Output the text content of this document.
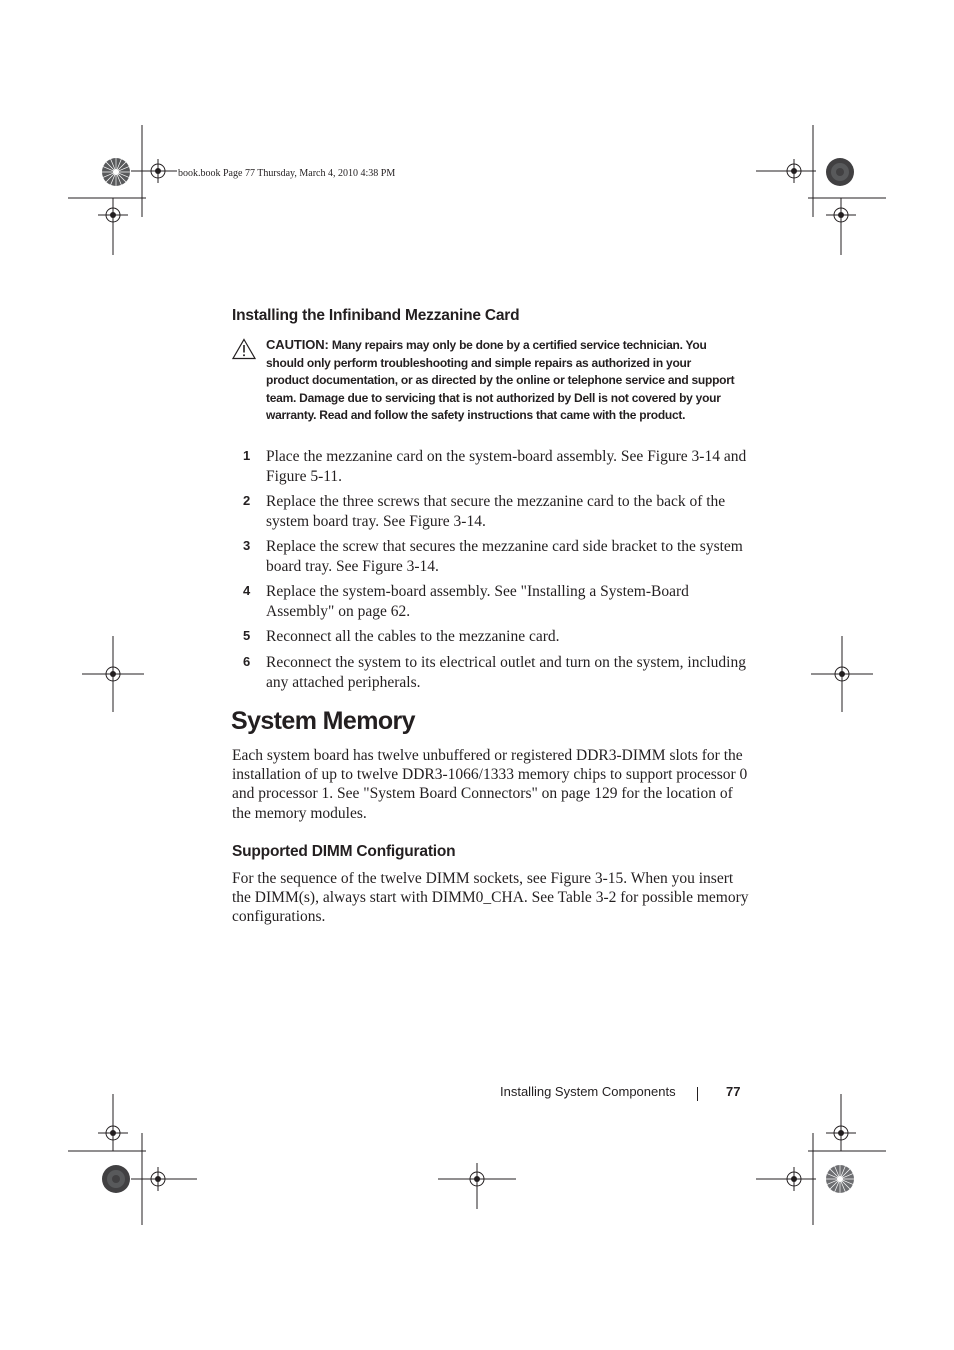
book.book Page 77 Thursday, March 4, 2010 4:38 PM
Installing the Infiniband Mezzanine Card
CAUTION: Many repairs may only be done by a certified service technician. You should only perform troubleshooting and simple repairs as authorized in your product documentation, or as directed by the online or telephone service and support team. Damage due to servicing that is not authorized by Dell is not covered by your warranty. Read and follow the safety instructions that came with the product.
1 Place the mezzanine card on the system-board assembly. See Figure 3-14 and Figure 5-11.
2 Replace the three screws that secure the mezzanine card to the back of the system board tray. See Figure 3-14.
3 Replace the screw that secures the mezzanine card side bracket to the system board tray. See Figure 3-14.
4 Replace the system-board assembly. See "Installing a System-Board Assembly" on page 62.
5 Reconnect all the cables to the mezzanine card.
6 Reconnect the system to its electrical outlet and turn on the system, including any attached peripherals.
System Memory
Each system board has twelve unbuffered or registered DDR3-DIMM slots for the installation of up to twelve DDR3-1066/1333 memory chips to support processor 0 and processor 1. See "System Board Connectors" on page 129 for the location of the memory modules.
Supported DIMM Configuration
For the sequence of the twelve DIMM sockets, see Figure 3-15. When you insert the DIMM(s), always start with DIMM0_CHA. See Table 3-2 for possible memory configurations.
Installing System Components	77
